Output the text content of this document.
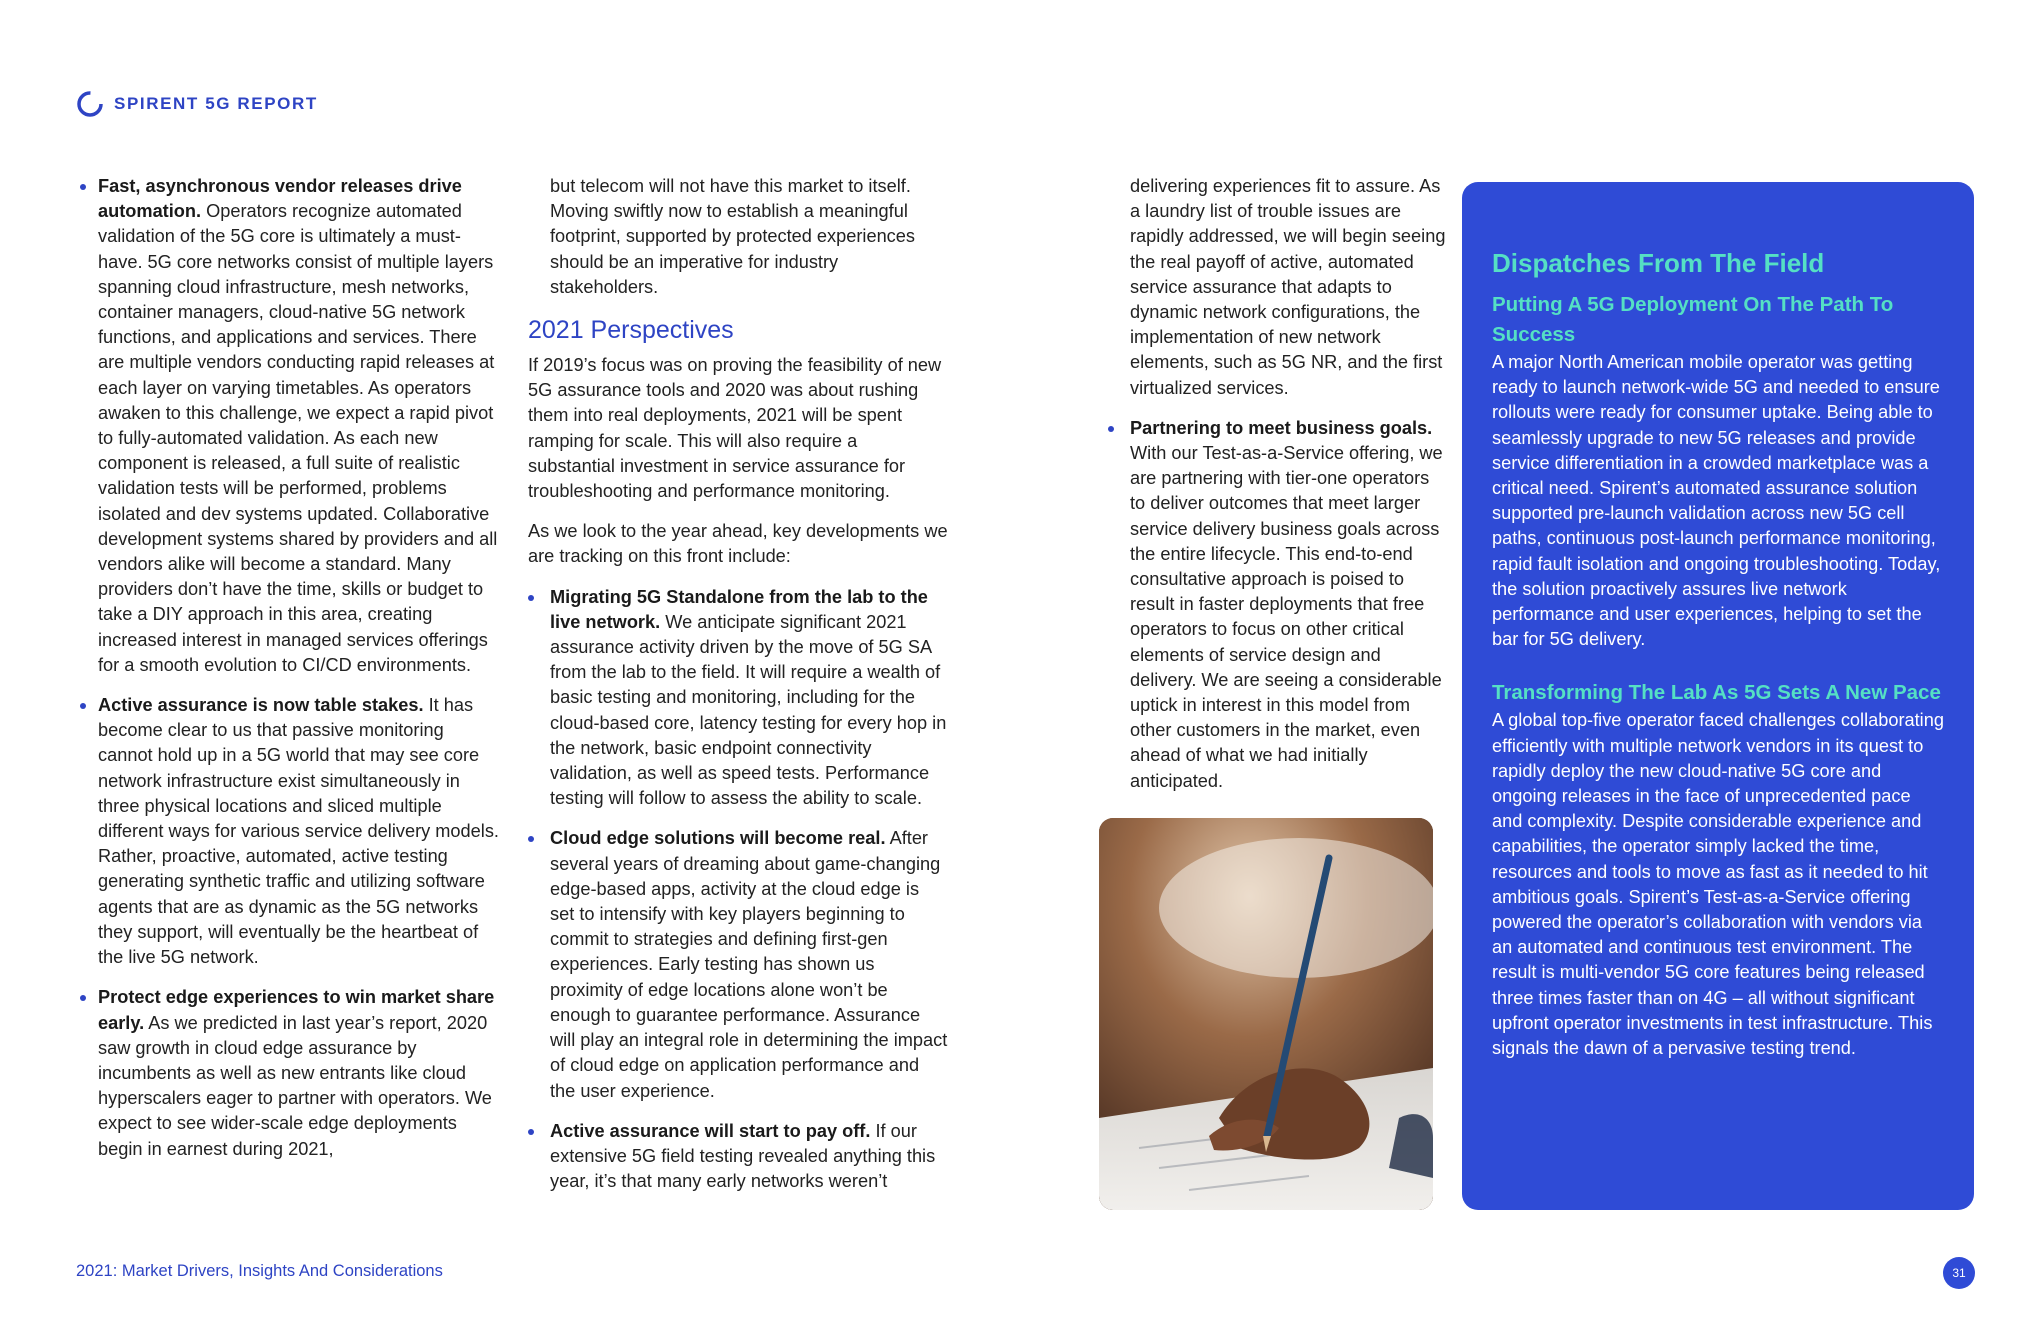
SPIRENT 5G REPORT
Fast, asynchronous vendor releases drive automation. Operators recognize automated validation of the 5G core is ultimately a must-have. 5G core networks consist of multiple layers spanning cloud infrastructure, mesh networks, container managers, cloud-native 5G network functions, and applications and services. There are multiple vendors conducting rapid releases at each layer on varying timetables. As operators awaken to this challenge, we expect a rapid pivot to fully-automated validation. As each new component is released, a full suite of realistic validation tests will be performed, problems isolated and dev systems updated. Collaborative development systems shared by providers and all vendors alike will become a standard. Many providers don’t have the time, skills or budget to take a DIY approach in this area, creating increased interest in managed services offerings for a smooth evolution to CI/CD environments.
Active assurance is now table stakes. It has become clear to us that passive monitoring cannot hold up in a 5G world that may see core network infrastructure exist simultaneously in three physical locations and sliced multiple different ways for various service delivery models. Rather, proactive, automated, active testing generating synthetic traffic and utilizing software agents that are as dynamic as the 5G networks they support, will eventually be the heartbeat of the live 5G network.
Protect edge experiences to win market share early. As we predicted in last year’s report, 2020 saw growth in cloud edge assurance by incumbents as well as new entrants like cloud hyperscalers eager to partner with operators. We expect to see wider-scale edge deployments begin in earnest during 2021,

but telecom will not have this market to itself. Moving swiftly now to establish a meaningful footprint, supported by protected experiences should be an imperative for industry stakeholders.

2021 Perspectives

If 2019’s focus was on proving the feasibility of new 5G assurance tools and 2020 was about rushing them into real deployments, 2021 will be spent ramping for scale. This will also require a substantial investment in service assurance for troubleshooting and performance monitoring.

As we look to the year ahead, key developments we are tracking on this front include:

Migrating 5G Standalone from the lab to the live network. We anticipate significant 2021 assurance activity driven by the move of 5G SA from the lab to the field. It will require a wealth of basic testing and monitoring, including for the cloud-based core, latency testing for every hop in the network, basic endpoint connectivity validation, as well as speed tests. Performance testing will follow to assess the ability to scale.
Cloud edge solutions will become real. After several years of dreaming about game-changing edge-based apps, activity at the cloud edge is set to intensify with key players beginning to commit to strategies and defining first-gen experiences. Early testing has shown us proximity of edge locations alone won’t be enough to guarantee performance. Assurance will play an integral role in determining the impact of cloud edge on application performance and the user experience.
Active assurance will start to pay off. If our extensive 5G field testing revealed anything this year, it’s that many early networks weren’t

delivering experiences fit to assure. As a laundry list of trouble issues are rapidly addressed, we will begin seeing the real payoff of active, automated service assurance that adapts to dynamic network configurations, the implementation of new network elements, such as 5G NR, and the first virtualized services.

Partnering to meet business goals. With our Test-as-a-Service offering, we are partnering with tier-one operators to deliver outcomes that meet larger service delivery business goals across the entire lifecycle. This end-to-end consultative approach is poised to result in faster deployments that free operators to focus on other critical elements of service design and delivery. We are seeing a considerable uptick in interest in this model from other customers in the market, even ahead of what we had initially anticipated.
Dispatches From The Field
Putting A 5G Deployment On The Path To Success

A major North American mobile operator was getting ready to launch network-wide 5G and needed to ensure rollouts were ready for consumer uptake. Being able to seamlessly upgrade to new 5G releases and provide service differentiation in a crowded marketplace was a critical need. Spirent’s automated assurance solution supported pre-launch validation across new 5G cell paths, continuous post-launch performance monitoring, rapid fault isolation and ongoing troubleshooting. Today, the solution proactively assures live network performance and user experiences, helping to set the bar for 5G delivery.

Transforming The Lab As 5G Sets A New Pace

A global top-five operator faced challenges collaborating efficiently with multiple network vendors in its quest to rapidly deploy the new cloud-native 5G core and ongoing releases in the face of unprecedented pace and complexity. Despite considerable experience and capabilities, the operator simply lacked the time, resources and tools to move as fast as it needed to hit ambitious goals. Spirent’s Test-as-a-Service offering powered the operator’s collaboration with vendors via an automated and continuous test environment. The result is multi-vendor 5G core features being released three times faster than on 4G – all without significant upfront operator investments in test infrastructure. This signals the dawn of a pervasive testing trend.

2021: Market Drivers, Insights And Considerations	31
